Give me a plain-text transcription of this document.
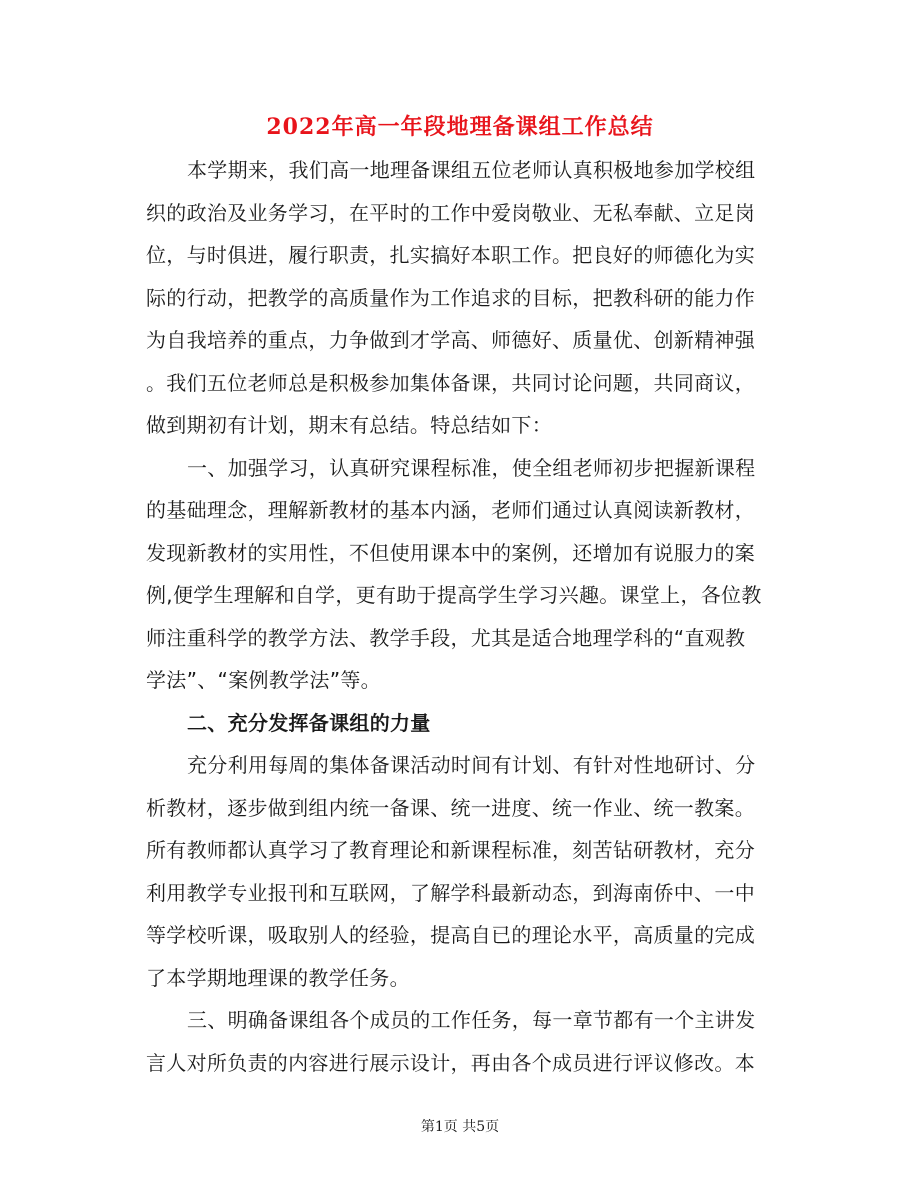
2022年高一年段地理备课组工作总结

本学期来，我们高一地理备课组五位老师认真积极地参加学校组

织的政治及业务学习，在平时的工作中爱岗敬业、无私奉献、立足岗

位，与时俱进，履行职责，扎实搞好本职工作。把良好的师德化为实

际的行动，把教学的高质量作为工作追求的目标，把教科研的能力作

为自我培养的重点，力争做到才学高、师德好、质量优、创新精神强

。我们五位老师总是积极参加集体备课，共同讨论问题，共同商议，

做到期初有计划，期末有总结。特总结如下：

一、加强学习，认真研究课程标准，使全组老师初步把握新课程

的基础理念，理解新教材的基本内涵，老师们通过认真阅读新教材，

发现新教材的实用性，不但使用课本中的案例，还增加有说服力的案

例,便学生理解和自学，更有助于提高学生学习兴趣。课堂上，各位教

师注重科学的教学方法、教学手段，尤其是适合地理学科的“直观教

学法”、“案例教学法”等。

二、充分发挥备课组的力量

充分利用每周的集体备课活动时间有计划、有针对性地研讨、分

析教材，逐步做到组内统一备课、统一进度、统一作业、统一教案。

所有教师都认真学习了教育理论和新课程标准，刻苦钻研教材，充分

利用教学专业报刊和互联网，了解学科最新动态，到海南侨中、一中

等学校听课，吸取别人的经验，提高自已的理论水平，高质量的完成

了本学期地理课的教学任务。

三、明确备课组各个成员的工作任务，每一章节都有一个主讲发

言人对所负责的内容进行展示设计，再由各个成员进行评议修改。本

第1页 共5页
